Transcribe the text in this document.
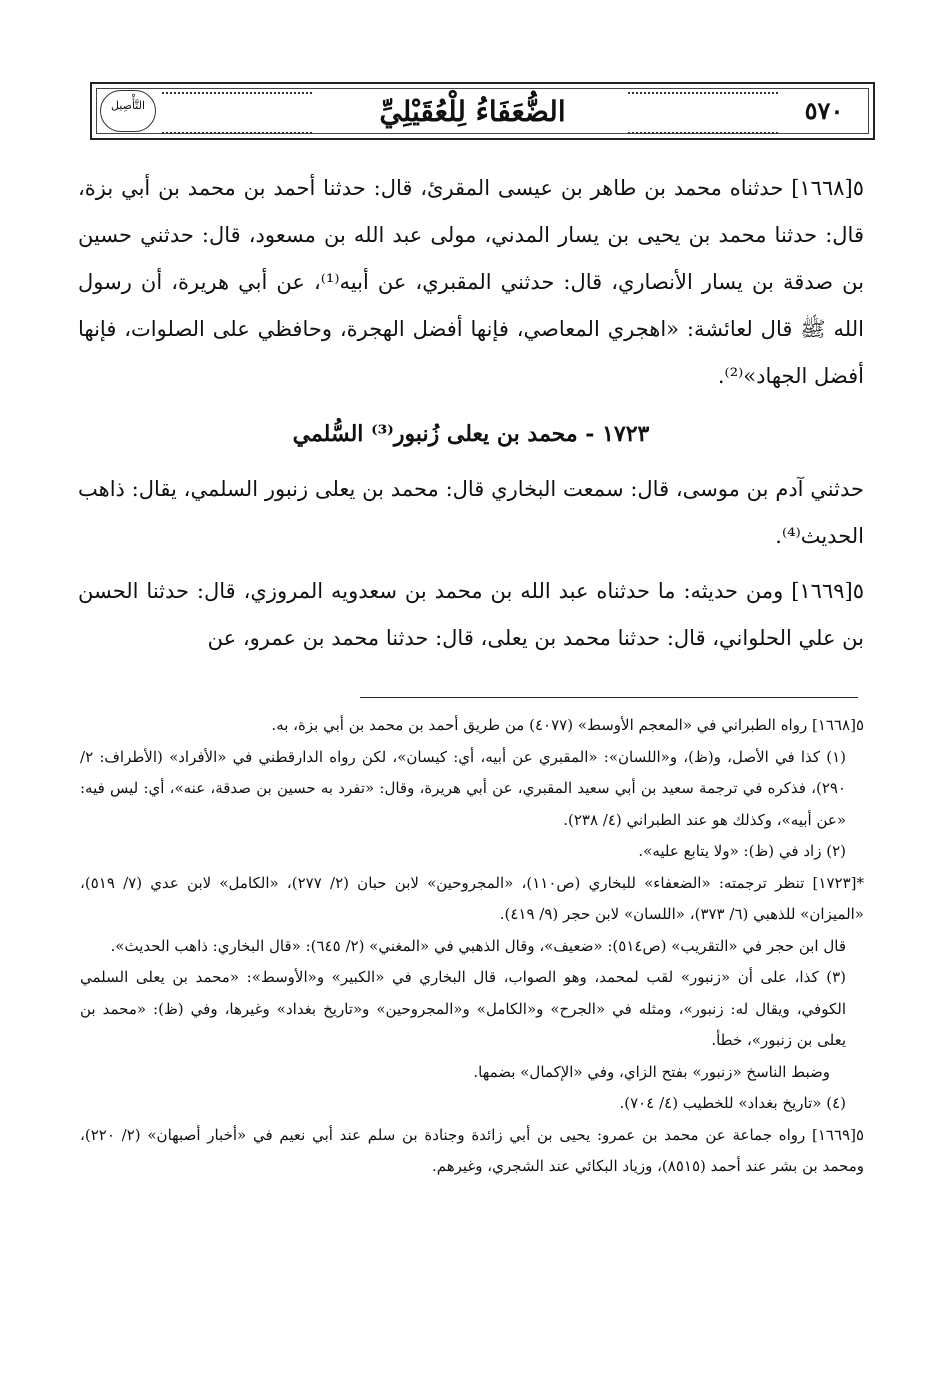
٥٧٠
الضُّعَفَاءُ لِلْعُقَيْلِيِّ
التَّأْصِيل

٥[١٦٦٨] حدثناه محمد بن طاهر بن عيسى المقرئ، قال: حدثنا أحمد بن محمد بن أبي بزة، قال: حدثنا محمد بن يحيى بن يسار المدني، مولى عبد الله بن مسعود، قال: حدثني حسين بن صدقة بن يسار الأنصاري، قال: حدثني المقبري، عن أبيه⁽¹⁾، عن أبي هريرة، أن رسول الله ﷺ قال لعائشة: «اهجري المعاصي، فإنها أفضل الهجرة، وحافظي على الصلوات، فإنها أفضل الجهاد»⁽²⁾.

١٧٢٣ - محمد بن يعلى زُنبور⁽³⁾ السُّلمي

حدثني آدم بن موسى، قال: سمعت البخاري قال: محمد بن يعلى زنبور السلمي، يقال: ذاهب الحديث⁽⁴⁾.

٥[١٦٦٩] ومن حديثه: ما حدثناه عبد الله بن محمد بن سعدويه المروزي، قال: حدثنا الحسن بن علي الحلواني، قال: حدثنا محمد بن يعلى، قال: حدثنا محمد بن عمرو، عن

٥[١٦٦٨] رواه الطبراني في «المعجم الأوسط» (٤٠٧٧) من طريق أحمد بن محمد بن أبي بزة، به.

(١) كذا في الأصل، و(ظ)، و«اللسان»: «المقبري عن أبيه، أي: كيسان»، لكن رواه الدارقطني في «الأفراد» (الأطراف: ٢/ ٢٩٠)، فذكره في ترجمة سعيد بن أبي سعيد المقبري، عن أبي هريرة، وقال: «تفرد به حسين بن صدقة، عنه»، أي: ليس فيه: «عن أبيه»، وكذلك هو عند الطبراني (٤/ ٢٣٨).

(٢) زاد في (ظ): «ولا يتابع عليه».

*[١٧٢٣] تنظر ترجمته: «الضعفاء» للبخاري (ص١١٠)، «المجروحين» لابن حبان (٢/ ٢٧٧)، «الكامل» لابن عدي (٧/ ٥١٩)، «الميزان» للذهبي (٦/ ٣٧٣)، «اللسان» لابن حجر (٩/ ٤١٩).

قال ابن حجر في «التقريب» (ص٥١٤): «ضعيف»، وقال الذهبي في «المغني» (٢/ ٦٤٥): «قال البخاري: ذاهب الحديث».

(٣) كذا، على أن «زنبور» لقب لمحمد، وهو الصواب، قال البخاري في «الكبير» و«الأوسط»: «محمد بن يعلى السلمي الكوفي، ويقال له: زنبور»، ومثله في «الجرح» و«الكامل» و«المجروحين» و«تاريخ بغداد» وغيرها، وفي (ظ): «محمد بن يعلى بن زنبور»، خطأ.

وضبط الناسخ «زنبور» بفتح الزاي، وفي «الإكمال» بضمها.

(٤) «تاريخ بغداد» للخطيب (٤/ ٧٠٤).

٥[١٦٦٩] رواه جماعة عن محمد بن عمرو: يحيى بن أبي زائدة وجنادة بن سلم عند أبي نعيم في «أخبار أصبهان» (٢/ ٢٢٠)، ومحمد بن بشر عند أحمد (٨٥١٥)، وزياد البكائي عند الشجري، وغيرهم.
